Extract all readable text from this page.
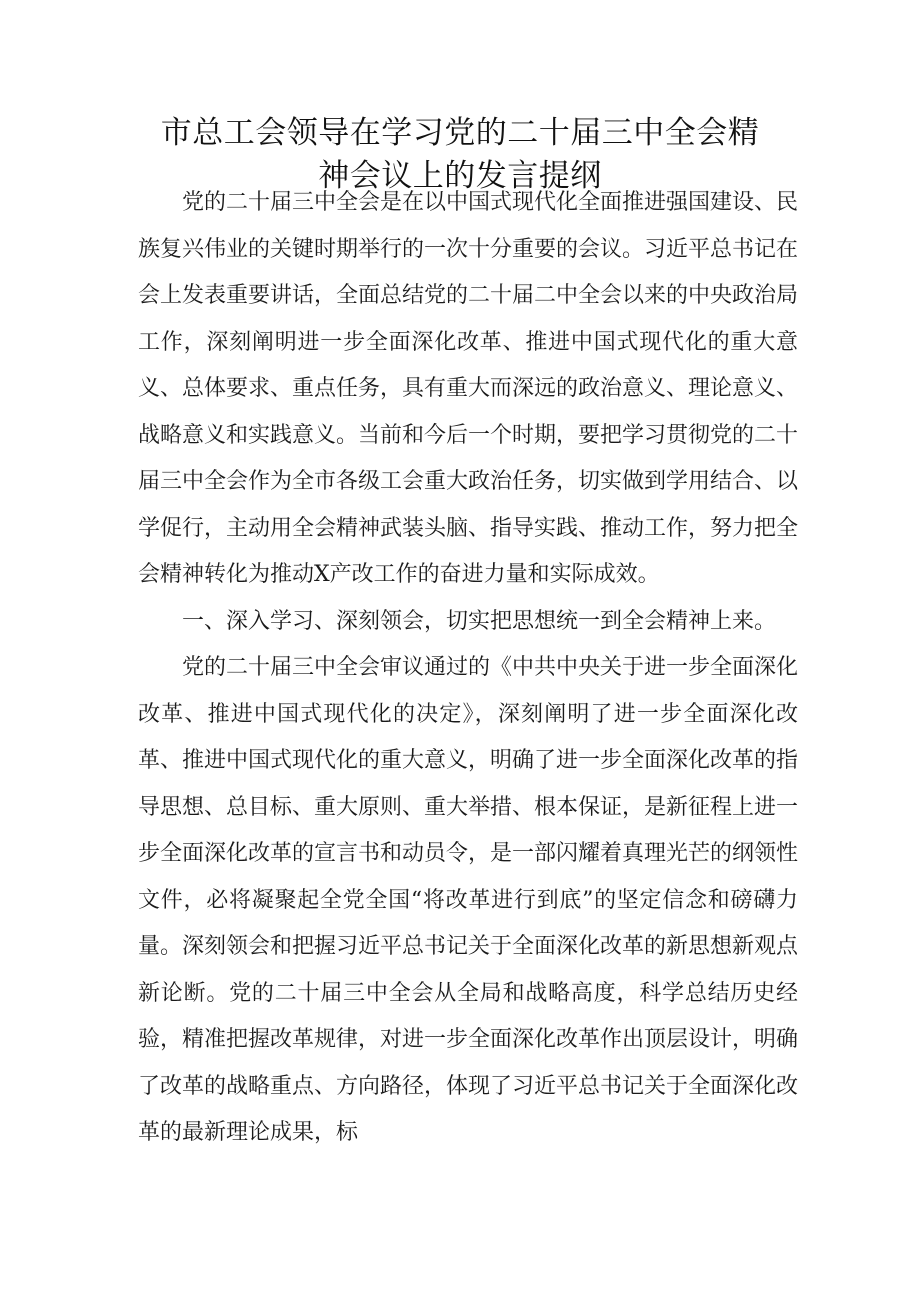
市总工会领导在学习党的二十届三中全会精
神会议上的发言提纲

党的二十届三中全会是在以中国式现代化全面推进强国建设、民族复兴伟业的关键时期举行的一次十分重要的会议。习近平总书记在会上发表重要讲话，全面总结党的二十届二中全会以来的中央政治局工作，深刻阐明进一步全面深化改革、推进中国式现代化的重大意义、总体要求、重点任务，具有重大而深远的政治意义、理论意义、战略意义和实践意义。当前和今后一个时期，要把学习贯彻党的二十届三中全会作为全市各级工会重大政治任务，切实做到学用结合、以学促行，主动用全会精神武装头脑、指导实践、推动工作，努力把全会精神转化为推动X产改工作的奋进力量和实际成效。

一、深入学习、深刻领会，切实把思想统一到全会精神上来。

党的二十届三中全会审议通过的《中共中央关于进一步全面深化改革、推进中国式现代化的决定》，深刻阐明了进一步全面深化改革、推进中国式现代化的重大意义，明确了进一步全面深化改革的指导思想、总目标、重大原则、重大举措、根本保证，是新征程上进一步全面深化改革的宣言书和动员令，是一部闪耀着真理光芒的纲领性文件，必将凝聚起全党全国“将改革进行到底”的坚定信念和磅礴力量。深刻领会和把握习近平总书记关于全面深化改革的新思想新观点新论断。党的二十届三中全会从全局和战略高度，科学总结历史经验，精准把握改革规律，对进一步全面深化改革作出顶层设计，明确了改革的战略重点、方向路径，体现了习近平总书记关于全面深化改革的最新理论成果，标
